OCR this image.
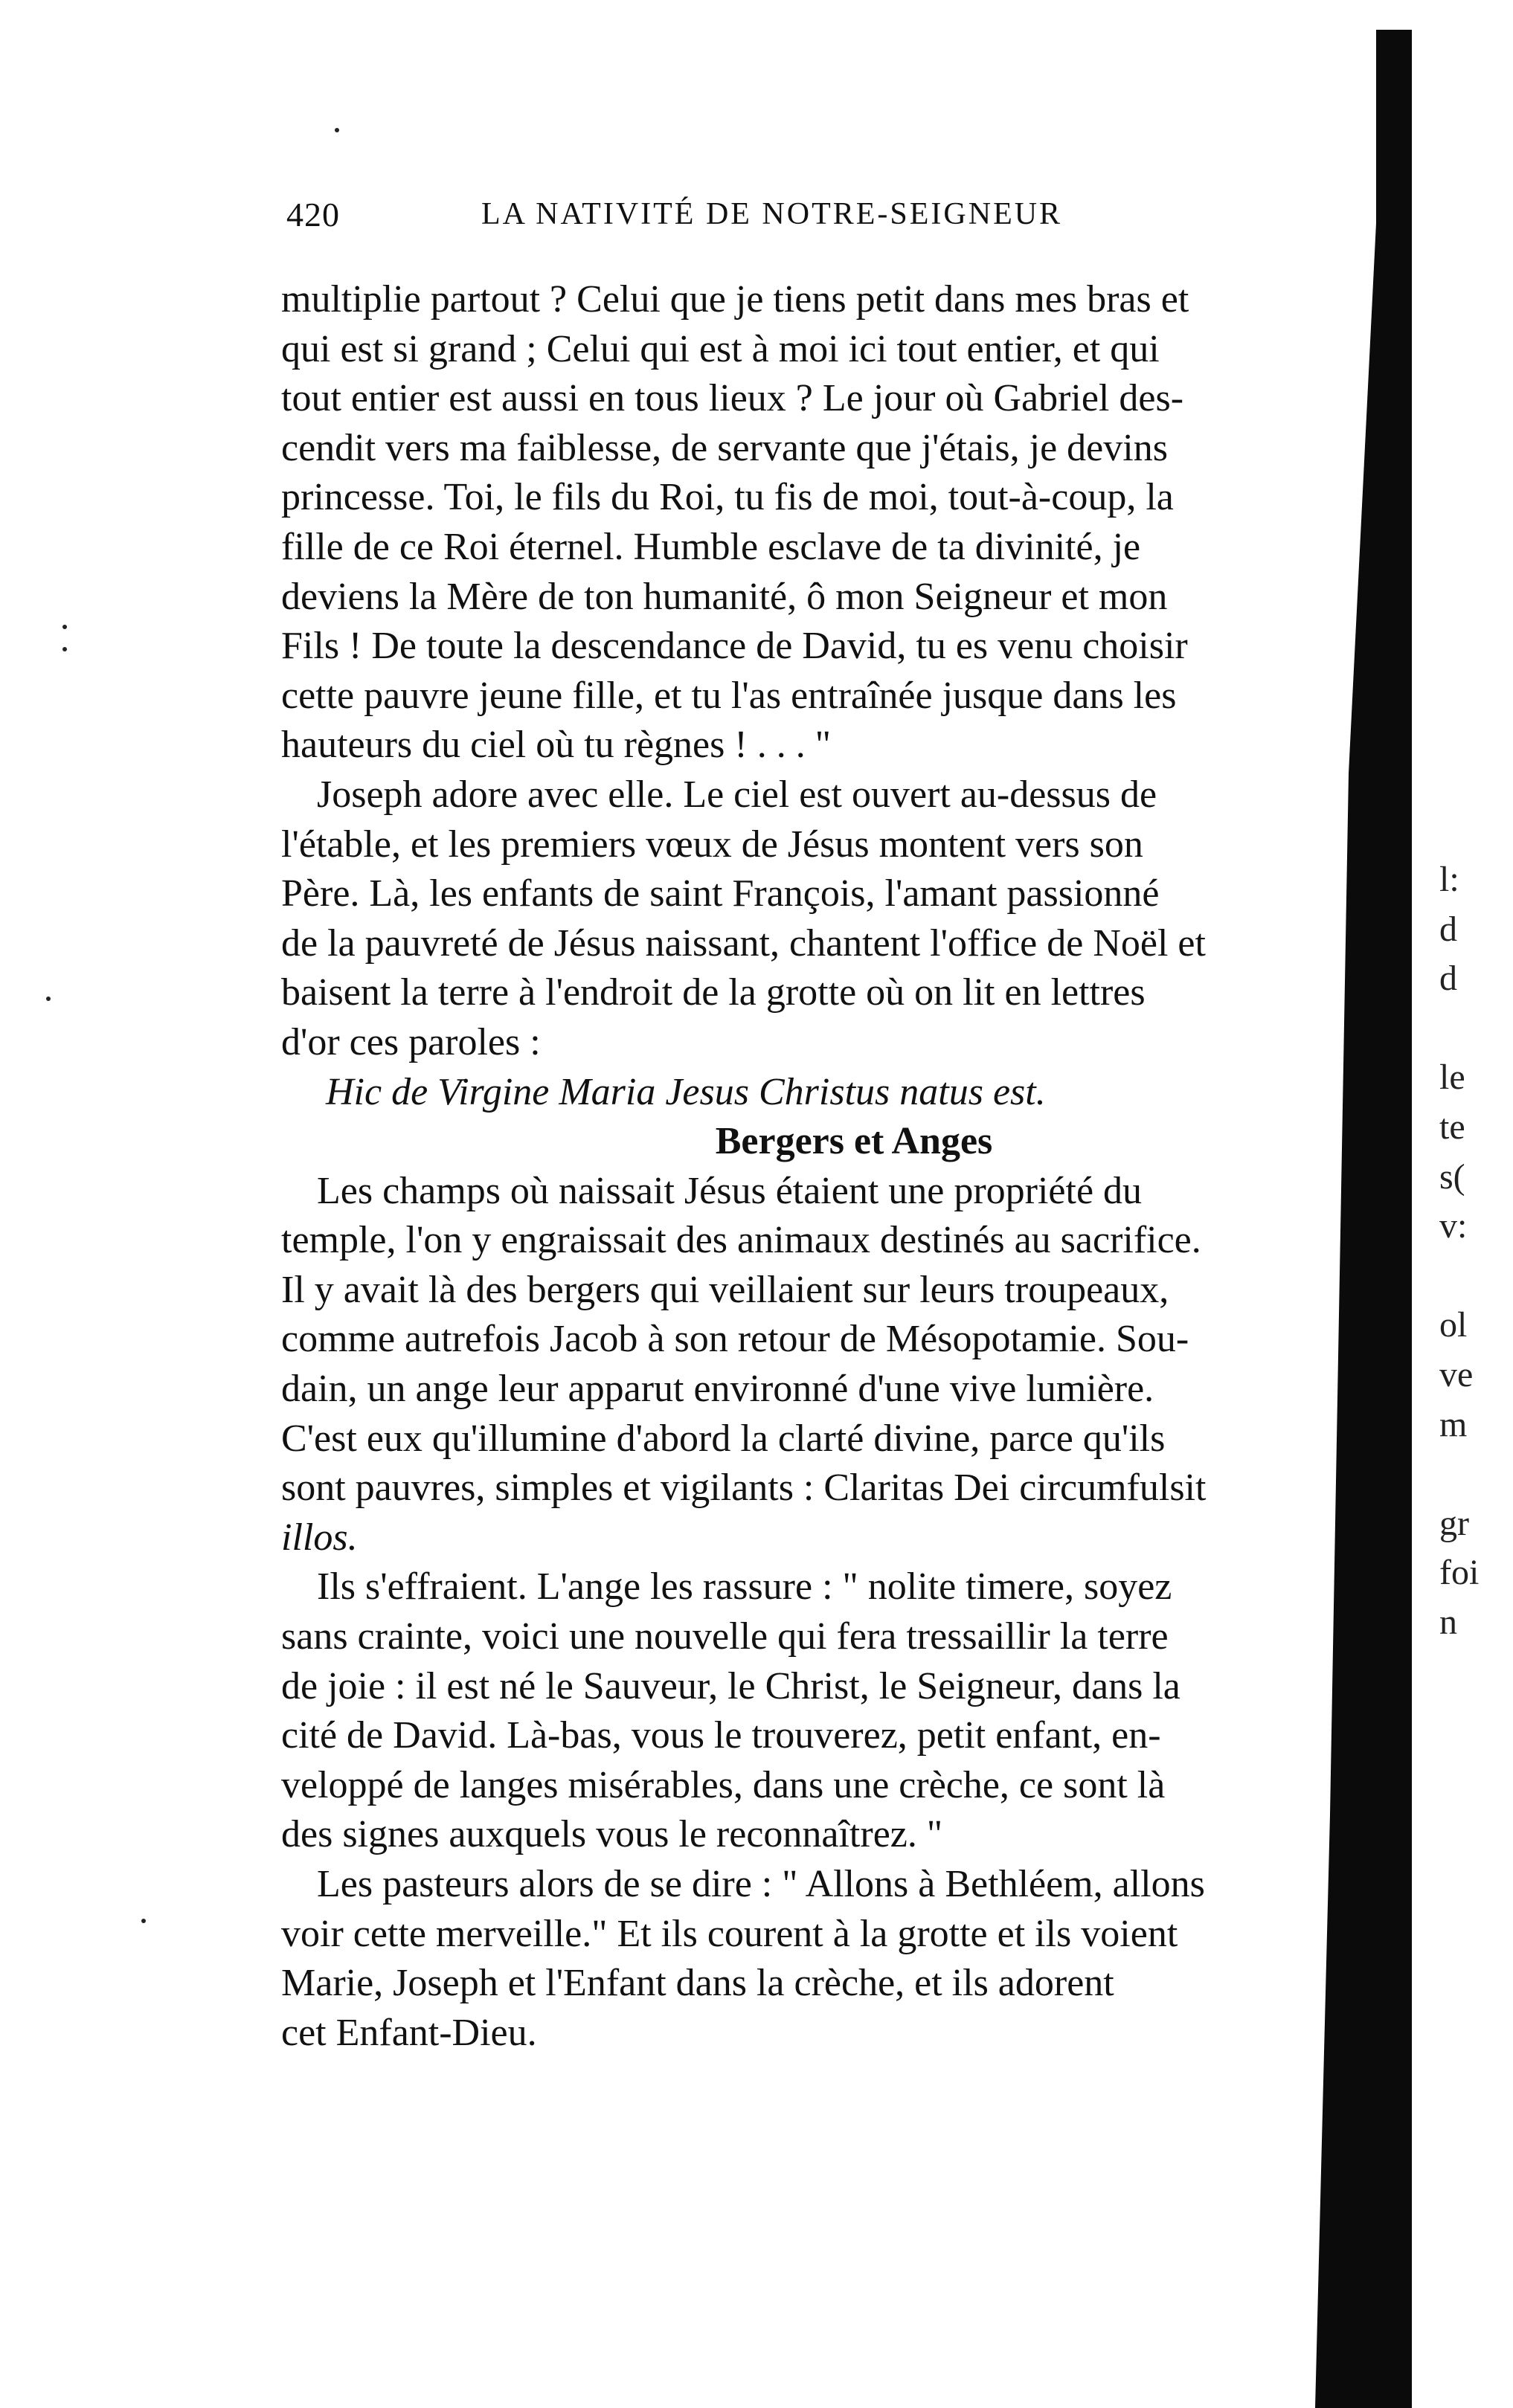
420	LA NATIVITÉ DE NOTRE-SEIGNEUR
multiplie partout ? Celui que je tiens petit dans mes bras et
qui est si grand ; Celui qui est à moi ici tout entier, et qui
tout entier est aussi en tous lieux ? Le jour où Gabriel des-
cendit vers ma faiblesse, de servante que j'étais, je devins
princesse. Toi, le fils du Roi, tu fis de moi, tout-à-coup, la
fille de ce Roi éternel. Humble esclave de ta divinité, je
deviens la Mère de ton humanité, ô mon Seigneur et mon
Fils ! De toute la descendance de David, tu es venu choisir
cette pauvre jeune fille, et tu l'as entraînée jusque dans les
hauteurs du ciel où tu règnes ! . . . "
Joseph adore avec elle. Le ciel est ouvert au-dessus de
l'étable, et les premiers vœux de Jésus montent vers son
Père. Là, les enfants de saint François, l'amant passionné
de la pauvreté de Jésus naissant, chantent l'office de Noël et
baisent la terre à l'endroit de la grotte où on lit en lettres
d'or ces paroles :
Hic de Virgine Maria Jesus Christus natus est.
Bergers et Anges
Les champs où naissait Jésus étaient une propriété du
temple, l'on y engraissait des animaux destinés au sacrifice.
Il y avait là des bergers qui veillaient sur leurs troupeaux,
comme autrefois Jacob à son retour de Mésopotamie. Sou-
dain, un ange leur apparut environné d'une vive lumière.
C'est eux qu'illumine d'abord la clarté divine, parce qu'ils
sont pauvres, simples et vigilants : Claritas Dei circumfulsit
illos.
Ils s'effraient. L'ange les rassure : " nolite timere, soyez
sans crainte, voici une nouvelle qui fera tressaillir la terre
de joie : il est né le Sauveur, le Christ, le Seigneur, dans la
cité de David. Là-bas, vous le trouverez, petit enfant, en-
veloppé de langes misérables, dans une crèche, ce sont là
des signes auxquels vous le reconnaîtrez. "
Les pasteurs alors de se dire : " Allons à Bethléem, allons
voir cette merveille." Et ils courent à la grotte et ils voient
Marie, Joseph et l'Enfant dans la crèche, et ils adorent
cet Enfant-Dieu.
l:
d
d
le
te
s(
v:
ol
ve
m
gr
foi
n
